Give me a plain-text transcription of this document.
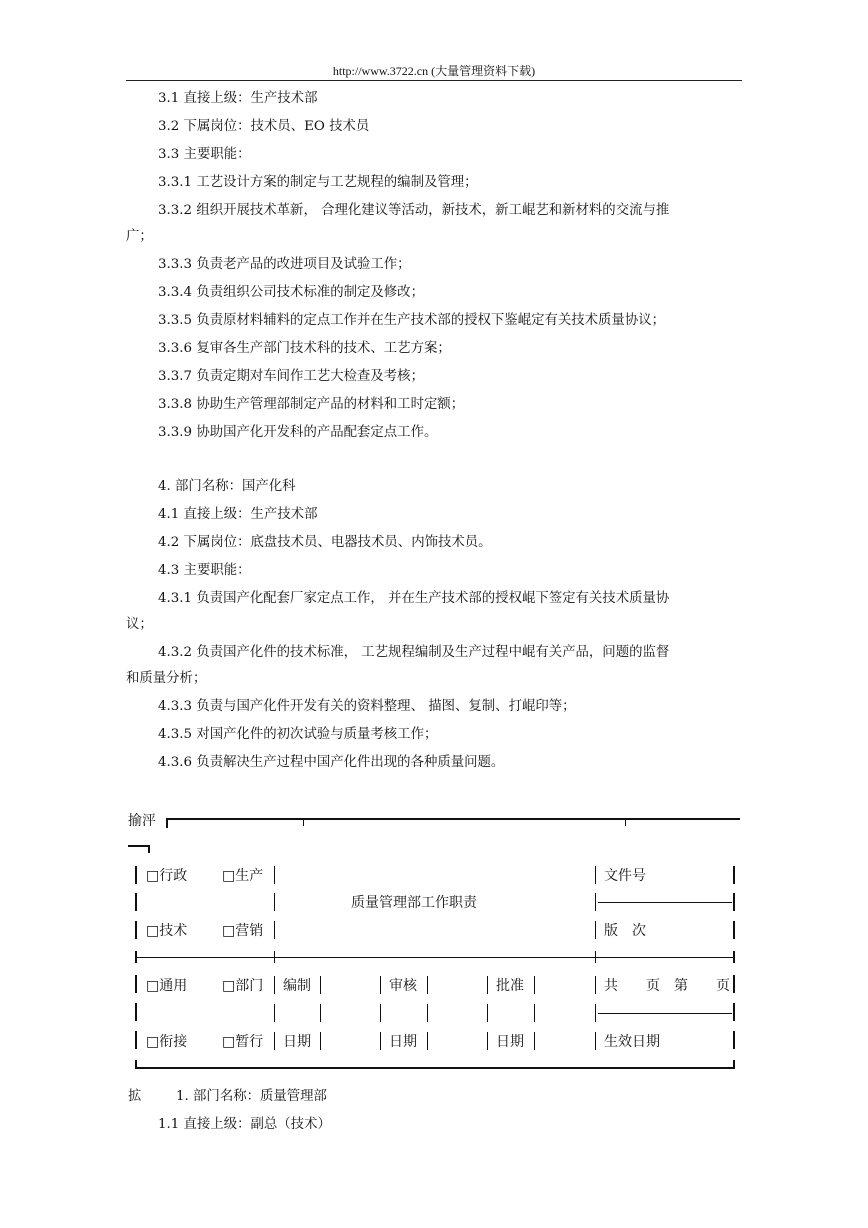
http://www.3722.cn (大量管理资料下载)
3.1 直接上级：生产技术部
3.2 下属岗位：技术员、EO 技术员
3.3 主要职能：
3.3.1 工艺设计方案的制定与工艺规程的编制及管理；
3.3.2 组织开展技术革新， 合理化建议等活动，新技术，新工崐艺和新材料的交流与推
广；
3.3.3 负责老产品的改进项目及试验工作；
3.3.4 负责组织公司技术标准的制定及修改；
3.3.5 负责原材料辅料的定点工作并在生产技术部的授权下鉴崐定有关技术质量协议；
3.3.6 复审各生产部门技术科的技术、工艺方案；
3.3.7 负责定期对车间作工艺大检查及考核；
3.3.8 协助生产管理部制定产品的材料和工时定额；
3.3.9 协助国产化开发科的产品配套定点工作。
4. 部门名称：国产化科
4.1 直接上级：生产技术部
4.2 下属岗位：底盘技术员、电器技术员、内饰技术员。
4.3 主要职能：
4.3.1 负责国产化配套厂家定点工作， 并在生产技术部的授权崐下签定有关技术质量协
议；
4.3.2 负责国产化件的技术标准， 工艺规程编制及生产过程中崐有关产品，问题的监督
和质量分析；
4.3.3 负责与国产化件开发有关的资料整理、 描图、复制、打崐印等；
4.3.5 对国产化件的初次试验与质量考核工作；
4.3.6 负责解决生产过程中国产化件出现的各种质量问题。
揄泙
□行政 □生产	文件号
质量管理部工作职责
□技术 □营销	版　次
□通用 □部门 编制	审核	批准	共　　页　第　　页
□衔接 □暂行 日期	日期	日期	生效日期
拡	1. 部门名称：质量管理部
1.1 直接上级：副总（技术）
